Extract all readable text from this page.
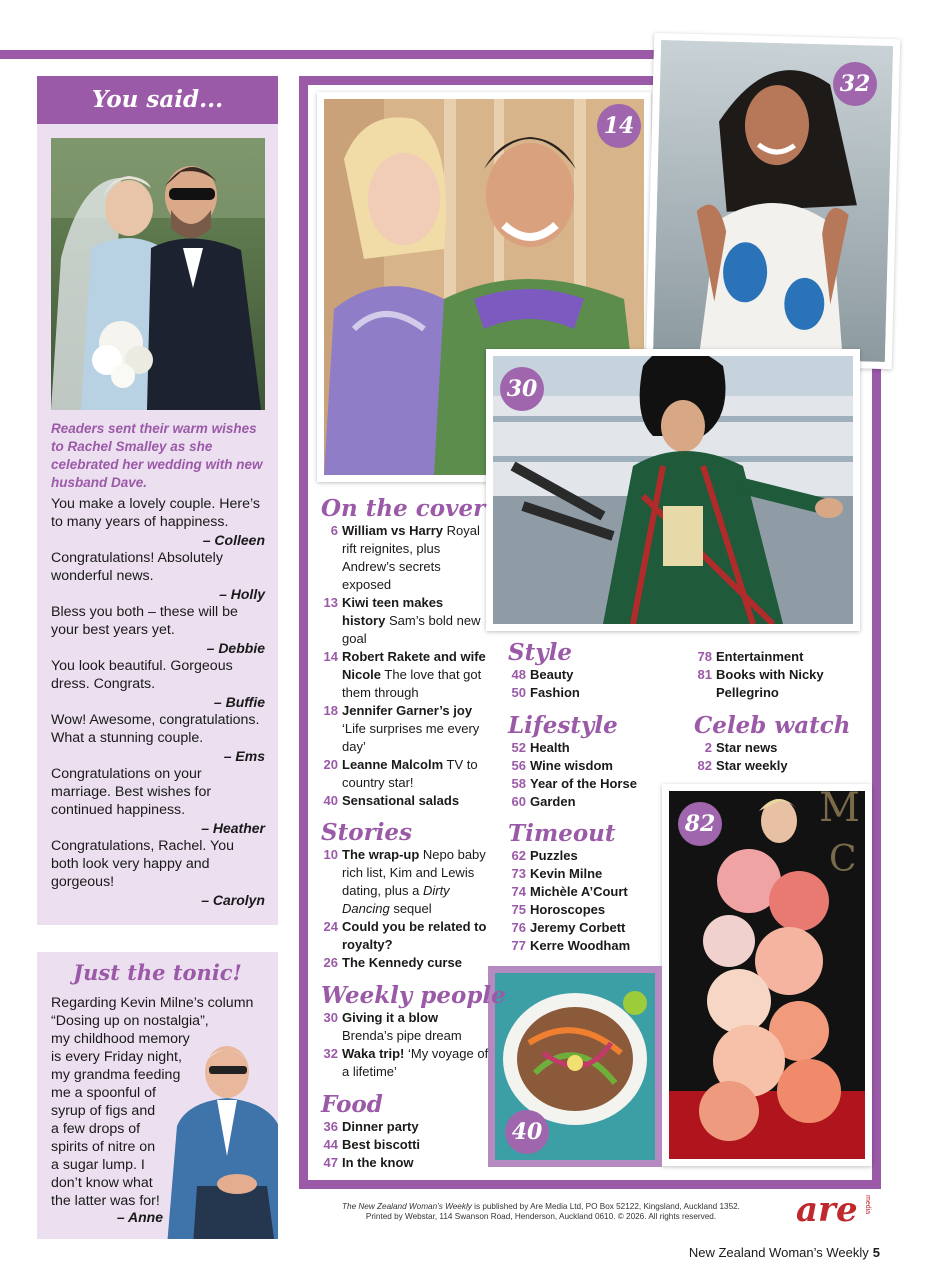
You said...
Readers sent their warm wishes to Rachel Smalley as she celebrated her wedding with new husband Dave.
You make a lovely couple. Here’s to many years of happiness.
– Colleen
Congratulations! Absolutely wonderful news.
– Holly
Bless you both – these will be your best years yet.
– Debbie
You look beautiful. Gorgeous dress. Congrats.
– Buffie
Wow! Awesome, congratulations. What a stunning couple.
– Ems
Congratulations on your marriage. Best wishes for continued happiness.
– Heather
Congratulations, Rachel. You both look very happy and gorgeous!
– Carolyn
Just the tonic!
Regarding Kevin Milne’s column
“Dosing up on nostalgia”,
my childhood memory
is every Friday night,
my grandma feeding
me a spoonful of
syrup of figs and
a few drops of
spirits of nitre on
a sugar lump. I
don’t know what
the latter was for!
– Anne
14
32
30
M
C
82
40
On the cover
6 William vs Harry Royal rift reignites, plus Andrew’s secrets exposed
13 Kiwi teen makes history Sam’s bold new goal
14 Robert Rakete and wife Nicole The love that got them through
18 Jennifer Garner’s joy ‘Life surprises me every day’
20 Leanne Malcolm TV to country star!
40 Sensational salads
Stories
10 The wrap-up Nepo baby rich list, Kim and Lewis dating, plus a Dirty Dancing sequel
24 Could you be related to royalty?
26 The Kennedy curse
Weekly people
30 Giving it a blow Brenda’s pipe dream
32 Waka trip! ‘My voyage of a lifetime’
Food
36 Dinner party
44 Best biscotti
47 In the know
Style
48 Beauty
50 Fashion
Lifestyle
52 Health
56 Wine wisdom
58 Year of the Horse
60 Garden
Timeout
62 Puzzles
73 Kevin Milne
74 Michèle A’Court
75 Horoscopes
76 Jeremy Corbett
77 Kerre Woodham
78 Entertainment
81 Books with Nicky Pellegrino
Celeb watch
2 Star news
82 Star weekly
The New Zealand Woman’s Weekly is published by Are Media Ltd, PO Box 52122, Kingsland, Auckland 1352.
Printed by Webstar, 114 Swanson Road, Henderson, Auckland 0610. © 2026. All rights reserved.	are media
New Zealand Woman’s Weekly 5
